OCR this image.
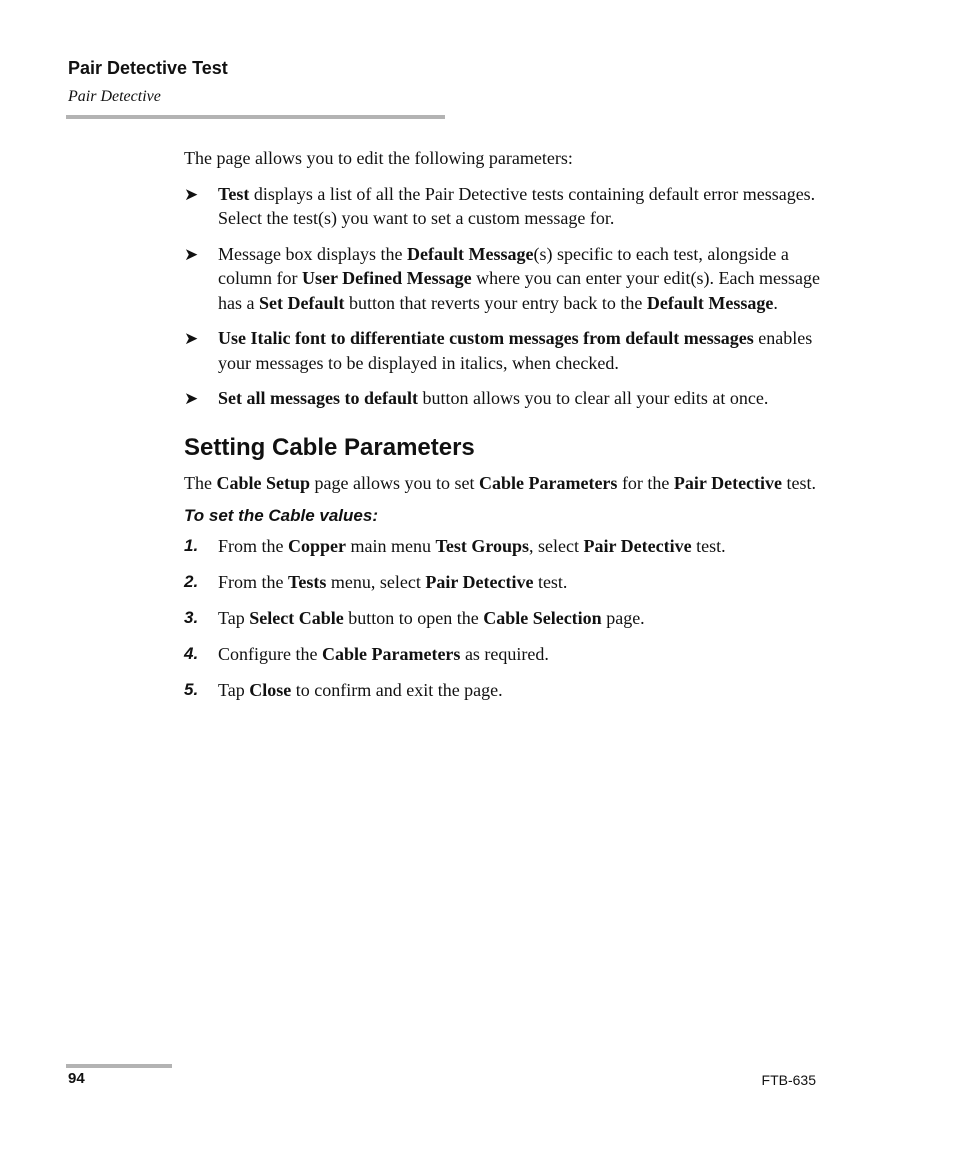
Pair Detective Test
Pair Detective

The page allows you to edit the following parameters:

➤ Test displays a list of all the Pair Detective tests containing default error messages. Select the test(s) you want to set a custom message for.
➤ Message box displays the Default Message(s) specific to each test, alongside a column for User Defined Message where you can enter your edit(s). Each message has a Set Default button that reverts your entry back to the Default Message.
➤ Use Italic font to differentiate custom messages from default messages enables your messages to be displayed in italics, when checked.
➤ Set all messages to default button allows you to clear all your edits at once.
Setting Cable Parameters

The Cable Setup page allows you to set Cable Parameters for the Pair Detective test.

To set the Cable values:
1. From the Copper main menu Test Groups, select Pair Detective test.
2. From the Tests menu, select Pair Detective test.
3. Tap Select Cable button to open the Cable Selection page.
4. Configure the Cable Parameters as required.
5. Tap Close to confirm and exit the page.
94	FTB-635
